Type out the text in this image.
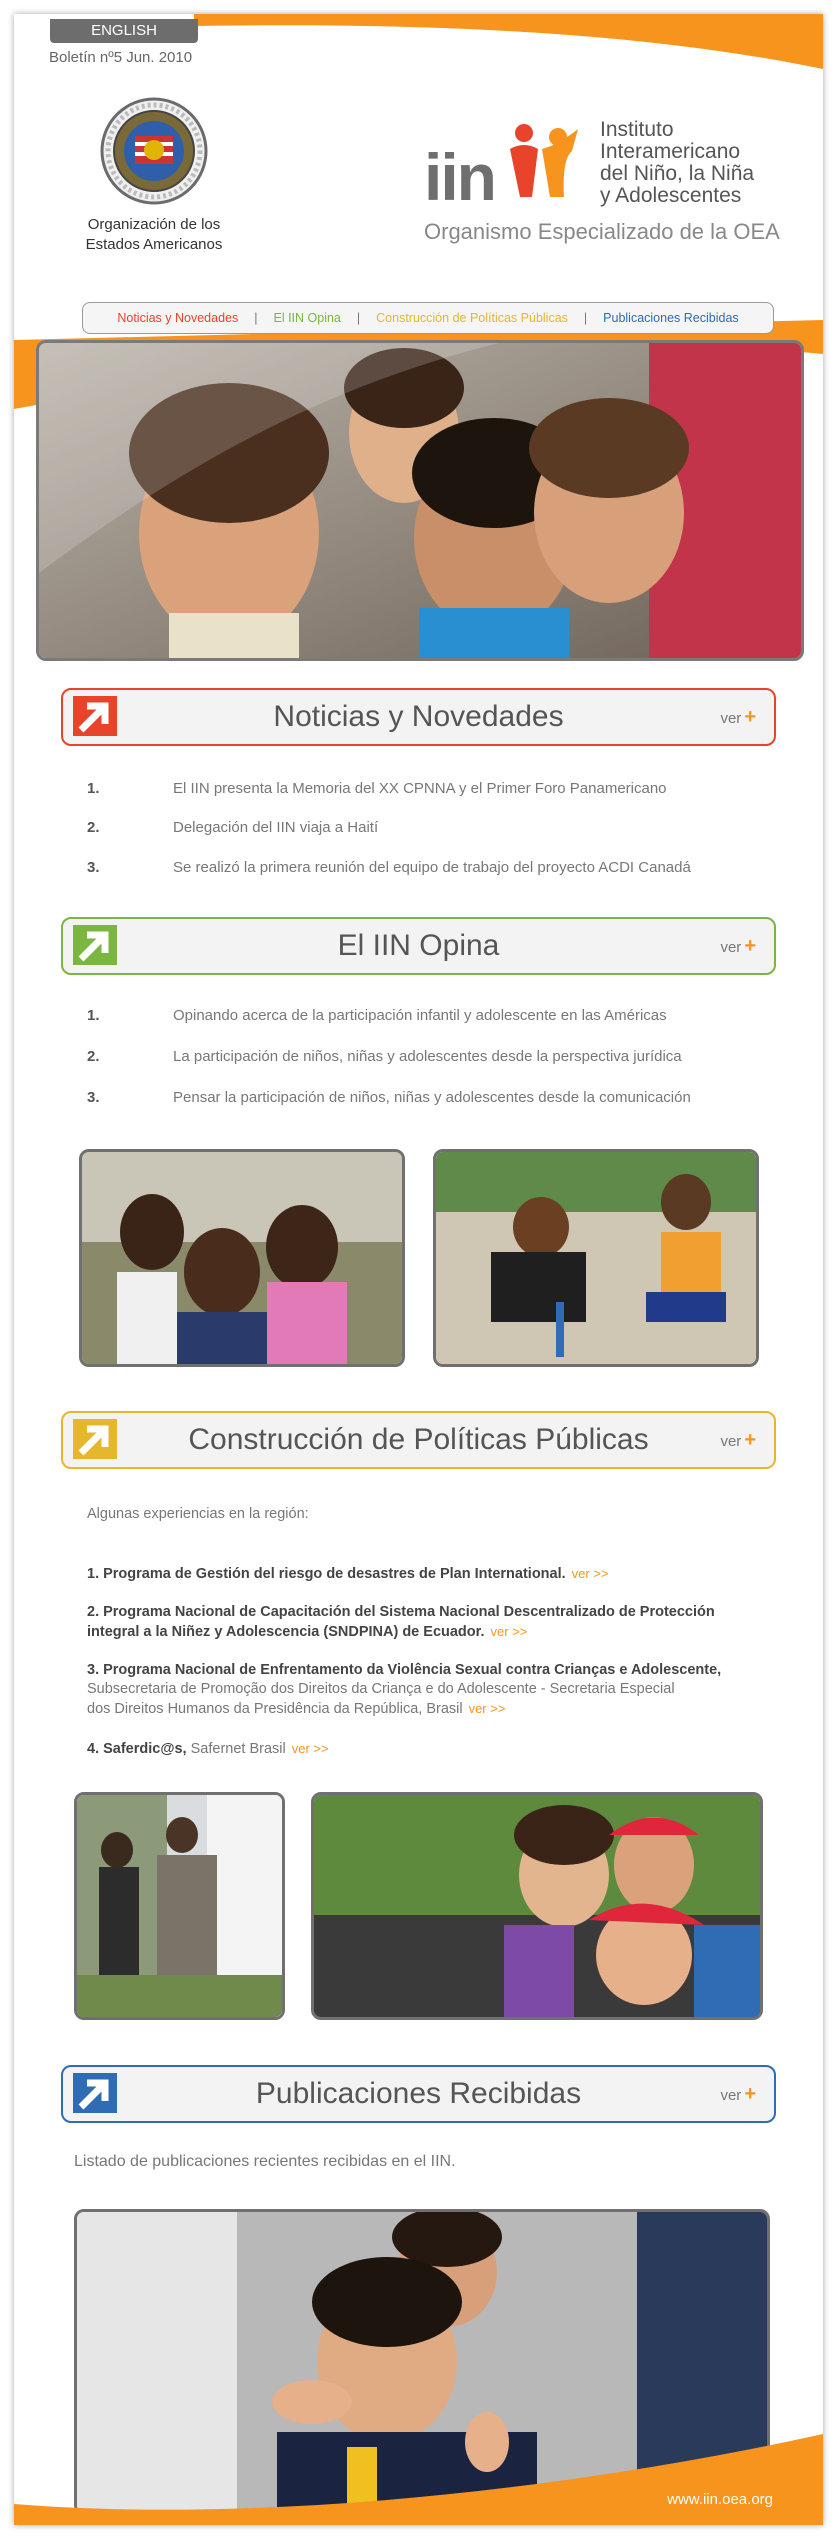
ENGLISH
Boletín nº5 Jun. 2010
Organización de los
Estados Americanos
iin
Instituto
Interamericano
del Niño, la Niña
y Adolescentes
Organismo Especializado de la OEA
Noticias y Novedades | El IIN Opina | Construcción de Políticas Públicas | Publicaciones Recibidas
Noticias y Novedades	ver +
1.	El IIN presenta la Memoria del XX CPNNA y el Primer Foro Panamericano
2.	Delegación del IIN viaja a Haití
3.	Se realizó la primera reunión del equipo de trabajo del proyecto ACDI Canadá
El IIN Opina	ver +
1.	Opinando acerca de la participación infantil y adolescente en las Américas
2.	La participación de niños, niñas y adolescentes desde la perspectiva jurídica
3.	Pensar la participación de niños, niñas y adolescentes desde la comunicación
Construcción de Políticas Públicas	ver +
Algunas experiencias en la región:
1. Programa de Gestión del riesgo de desastres de Plan International. ver >>
2. Programa Nacional de Capacitación del Sistema Nacional Descentralizado de Protección
integral a la Niñez y Adolescencia (SNDPINA) de Ecuador. ver >>
3. Programa Nacional de Enfrentamento da Violência Sexual contra Crianças e Adolescente,
Subsecretaria de Promoção dos Direitos da Criança e do Adolescente - Secretaria Especial
dos Direitos Humanos da Presidência da República, Brasil ver >>
4. Saferdic@s, Safernet Brasil ver >>
Publicaciones Recibidas	ver +
Listado de publicaciones recientes recibidas en el IIN.
www.iin.oea.org
